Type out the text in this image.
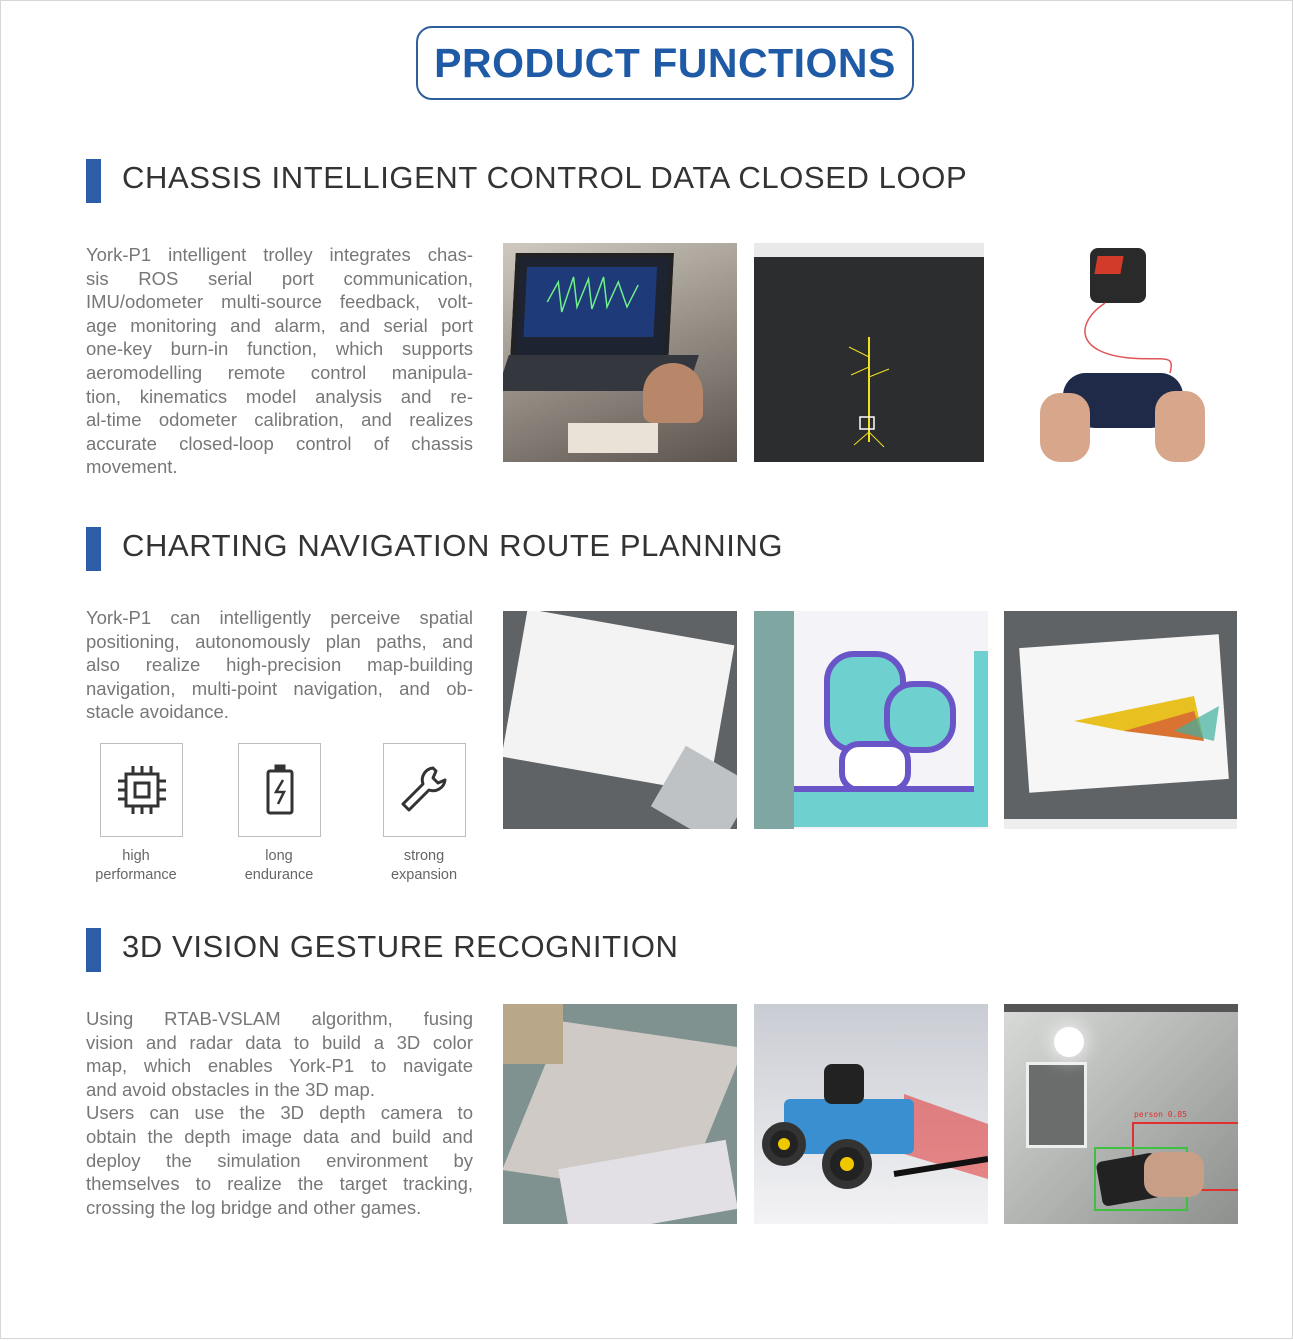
PRODUCT FUNCTIONS
CHASSIS INTELLIGENT CONTROL DATA CLOSED LOOP
York-P1 intelligent trolley integrates chas-
sis ROS serial port communication,
IMU/odometer multi-source feedback, volt-
age monitoring and alarm, and serial port
one-key burn-in function, which supports
aeromodelling remote control manipula-
tion, kinematics model analysis and re-
al-time odometer calibration, and realizes
accurate closed-loop control of chassis
movement.
CHARTING NAVIGATION ROUTE PLANNING
York-P1 can intelligently perceive spatial
positioning, autonomously plan paths, and
also realize high-precision map-building
navigation, multi-point navigation, and ob-
stacle avoidance.
high
performance
long
endurance
strong
expansion
3D VISION GESTURE RECOGNITION
Using RTAB-VSLAM algorithm, fusing
vision and radar data to build a 3D color
map, which enables York-P1 to navigate
and avoid obstacles in the 3D map.
Users can use the 3D depth camera to
obtain the depth image data and build and
deploy the simulation environment by
themselves to realize the target tracking,
crossing the log bridge and other games.
person 0.85
